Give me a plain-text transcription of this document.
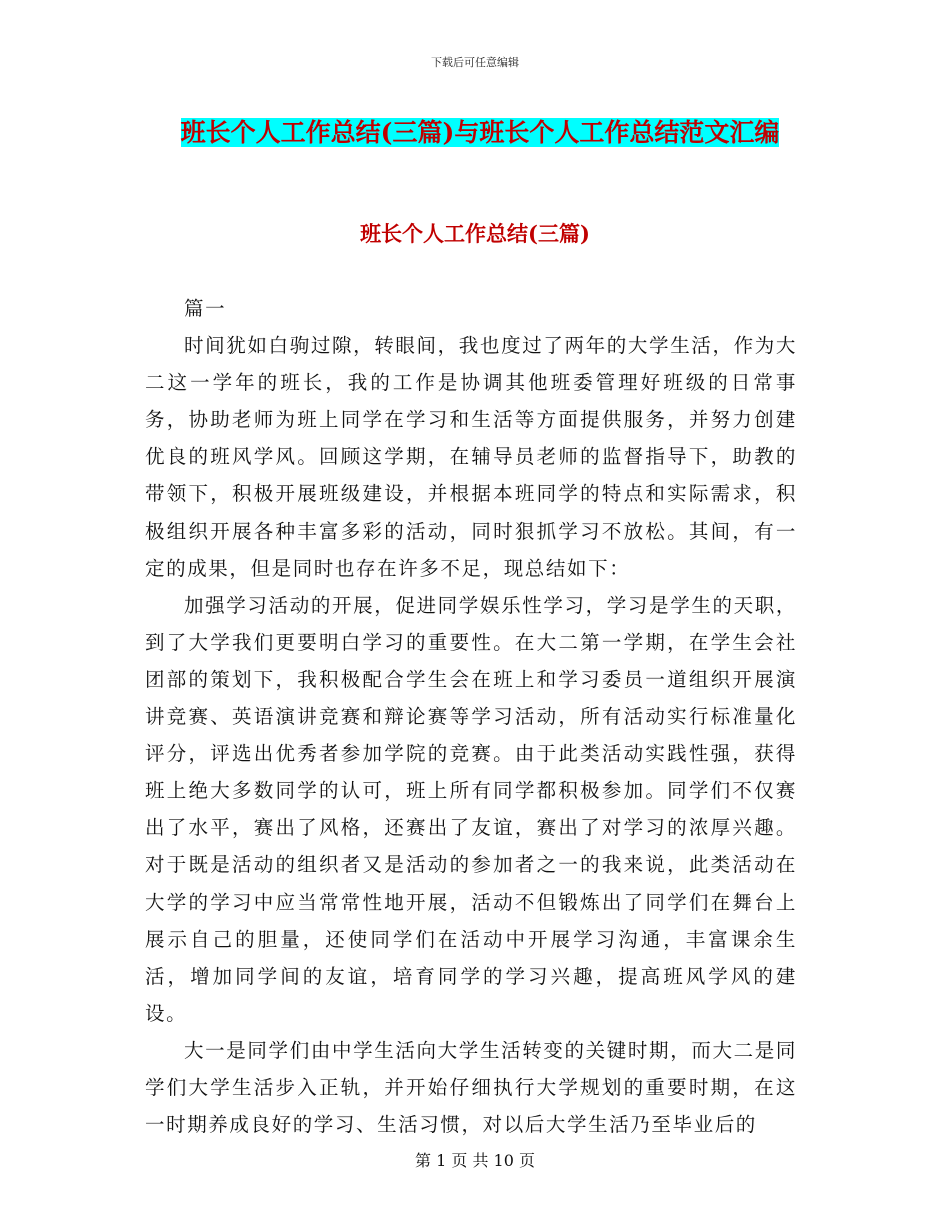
下载后可任意编辑
班长个人工作总结(三篇)与班长个人工作总结范文汇编
班长个人工作总结(三篇)

篇一

时间犹如白驹过隙，转眼间，我也度过了两年的大学生活，作为大二这一学年的班长，我的工作是协调其他班委管理好班级的日常事务，协助老师为班上同学在学习和生活等方面提供服务，并努力创建优良的班风学风。回顾这学期，在辅导员老师的监督指导下，助教的带领下，积极开展班级建设，并根据本班同学的特点和实际需求，积极组织开展各种丰富多彩的活动，同时狠抓学习不放松。其间，有一定的成果，但是同时也存在许多不足，现总结如下：

加强学习活动的开展，促进同学娱乐性学习，学习是学生的天职，到了大学我们更要明白学习的重要性。在大二第一学期，在学生会社团部的策划下，我积极配合学生会在班上和学习委员一道组织开展演讲竞赛、英语演讲竞赛和辩论赛等学习活动，所有活动实行标准量化评分，评选出优秀者参加学院的竞赛。由于此类活动实践性强，获得班上绝大多数同学的认可，班上所有同学都积极参加。同学们不仅赛出了水平，赛出了风格，还赛出了友谊，赛出了对学习的浓厚兴趣。对于既是活动的组织者又是活动的参加者之一的我来说，此类活动在大学的学习中应当常常性地开展，活动不但锻炼出了同学们在舞台上展示自己的胆量，还使同学们在活动中开展学习沟通，丰富课余生活，增加同学间的友谊，培育同学的学习兴趣，提高班风学风的建设。

大一是同学们由中学生活向大学生活转变的关键时期，而大二是同学们大学生活步入正轨，并开始仔细执行大学规划的重要时期，在这一时期养成良好的学习、生活习惯，对以后大学生活乃至毕业后的

第 1 页 共 10 页
